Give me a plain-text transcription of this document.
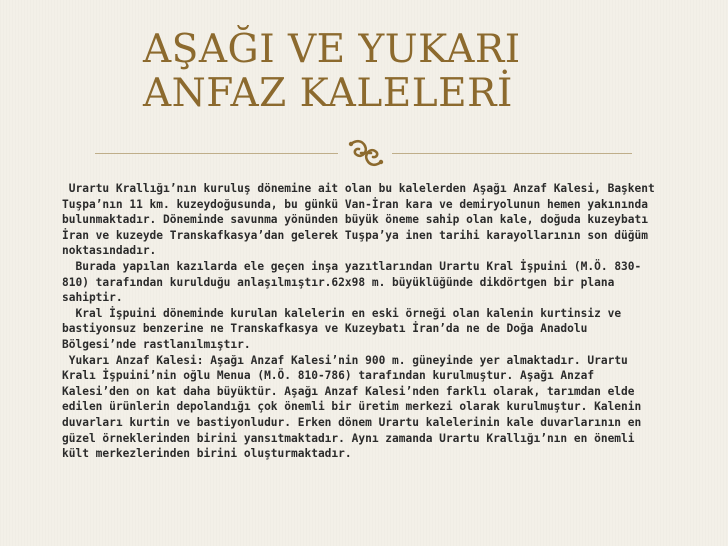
AŞAĞI VE YUKARI ANFAZ KALELERİ

Urartu Krallığı’nın kuruluş dönemine ait olan bu kalelerden Aşağı Anzaf Kalesi, Başkent Tuşpa’nın 11 km. kuzeydoğusunda, bu günkü Van-İran kara ve demiryolunun hemen yakınında bulunmaktadır. Döneminde savunma yönünden büyük öneme sahip olan kale, doğuda kuzeybatı İran ve kuzeyde Transkafkasya’dan gelerek Tuşpa’ya inen tarihi karayollarının son düğüm noktasındadır.

Burada yapılan kazılarda ele geçen inşa yazıtlarından Urartu Kral İşpuini (M.Ö. 830-810) tarafından kurulduğu anlaşılmıştır.62x98 m. büyüklüğünde dikdörtgen bir plana sahiptir.

Kral İşpuini döneminde kurulan kalelerin en eski örneği olan kalenin kurtinsiz ve bastiyonsuz benzerine ne Transkafkasya ve Kuzeybatı İran’da ne de Doğa Anadolu Bölgesi’nde rastlanılmıştır.

Yukarı Anzaf Kalesi: Aşağı Anzaf Kalesi’nin 900 m. güneyinde yer almaktadır. Urartu Kralı İşpuini’nin oğlu Menua (M.Ö. 810-786) tarafından kurulmuştur. Aşağı Anzaf Kalesi’den on kat daha büyüktür. Aşağı Anzaf Kalesi’nden farklı olarak, tarımdan elde edilen ürünlerin depolandığı çok önemli bir üretim merkezi olarak kurulmuştur. Kalenin duvarları kurtin ve bastiyonludur. Erken dönem Urartu kalelerinin kale duvarlarının en güzel örneklerinden birini yansıtmaktadır. Aynı zamanda Urartu Krallığı’nın en önemli kült merkezlerinden birini oluşturmaktadır.
